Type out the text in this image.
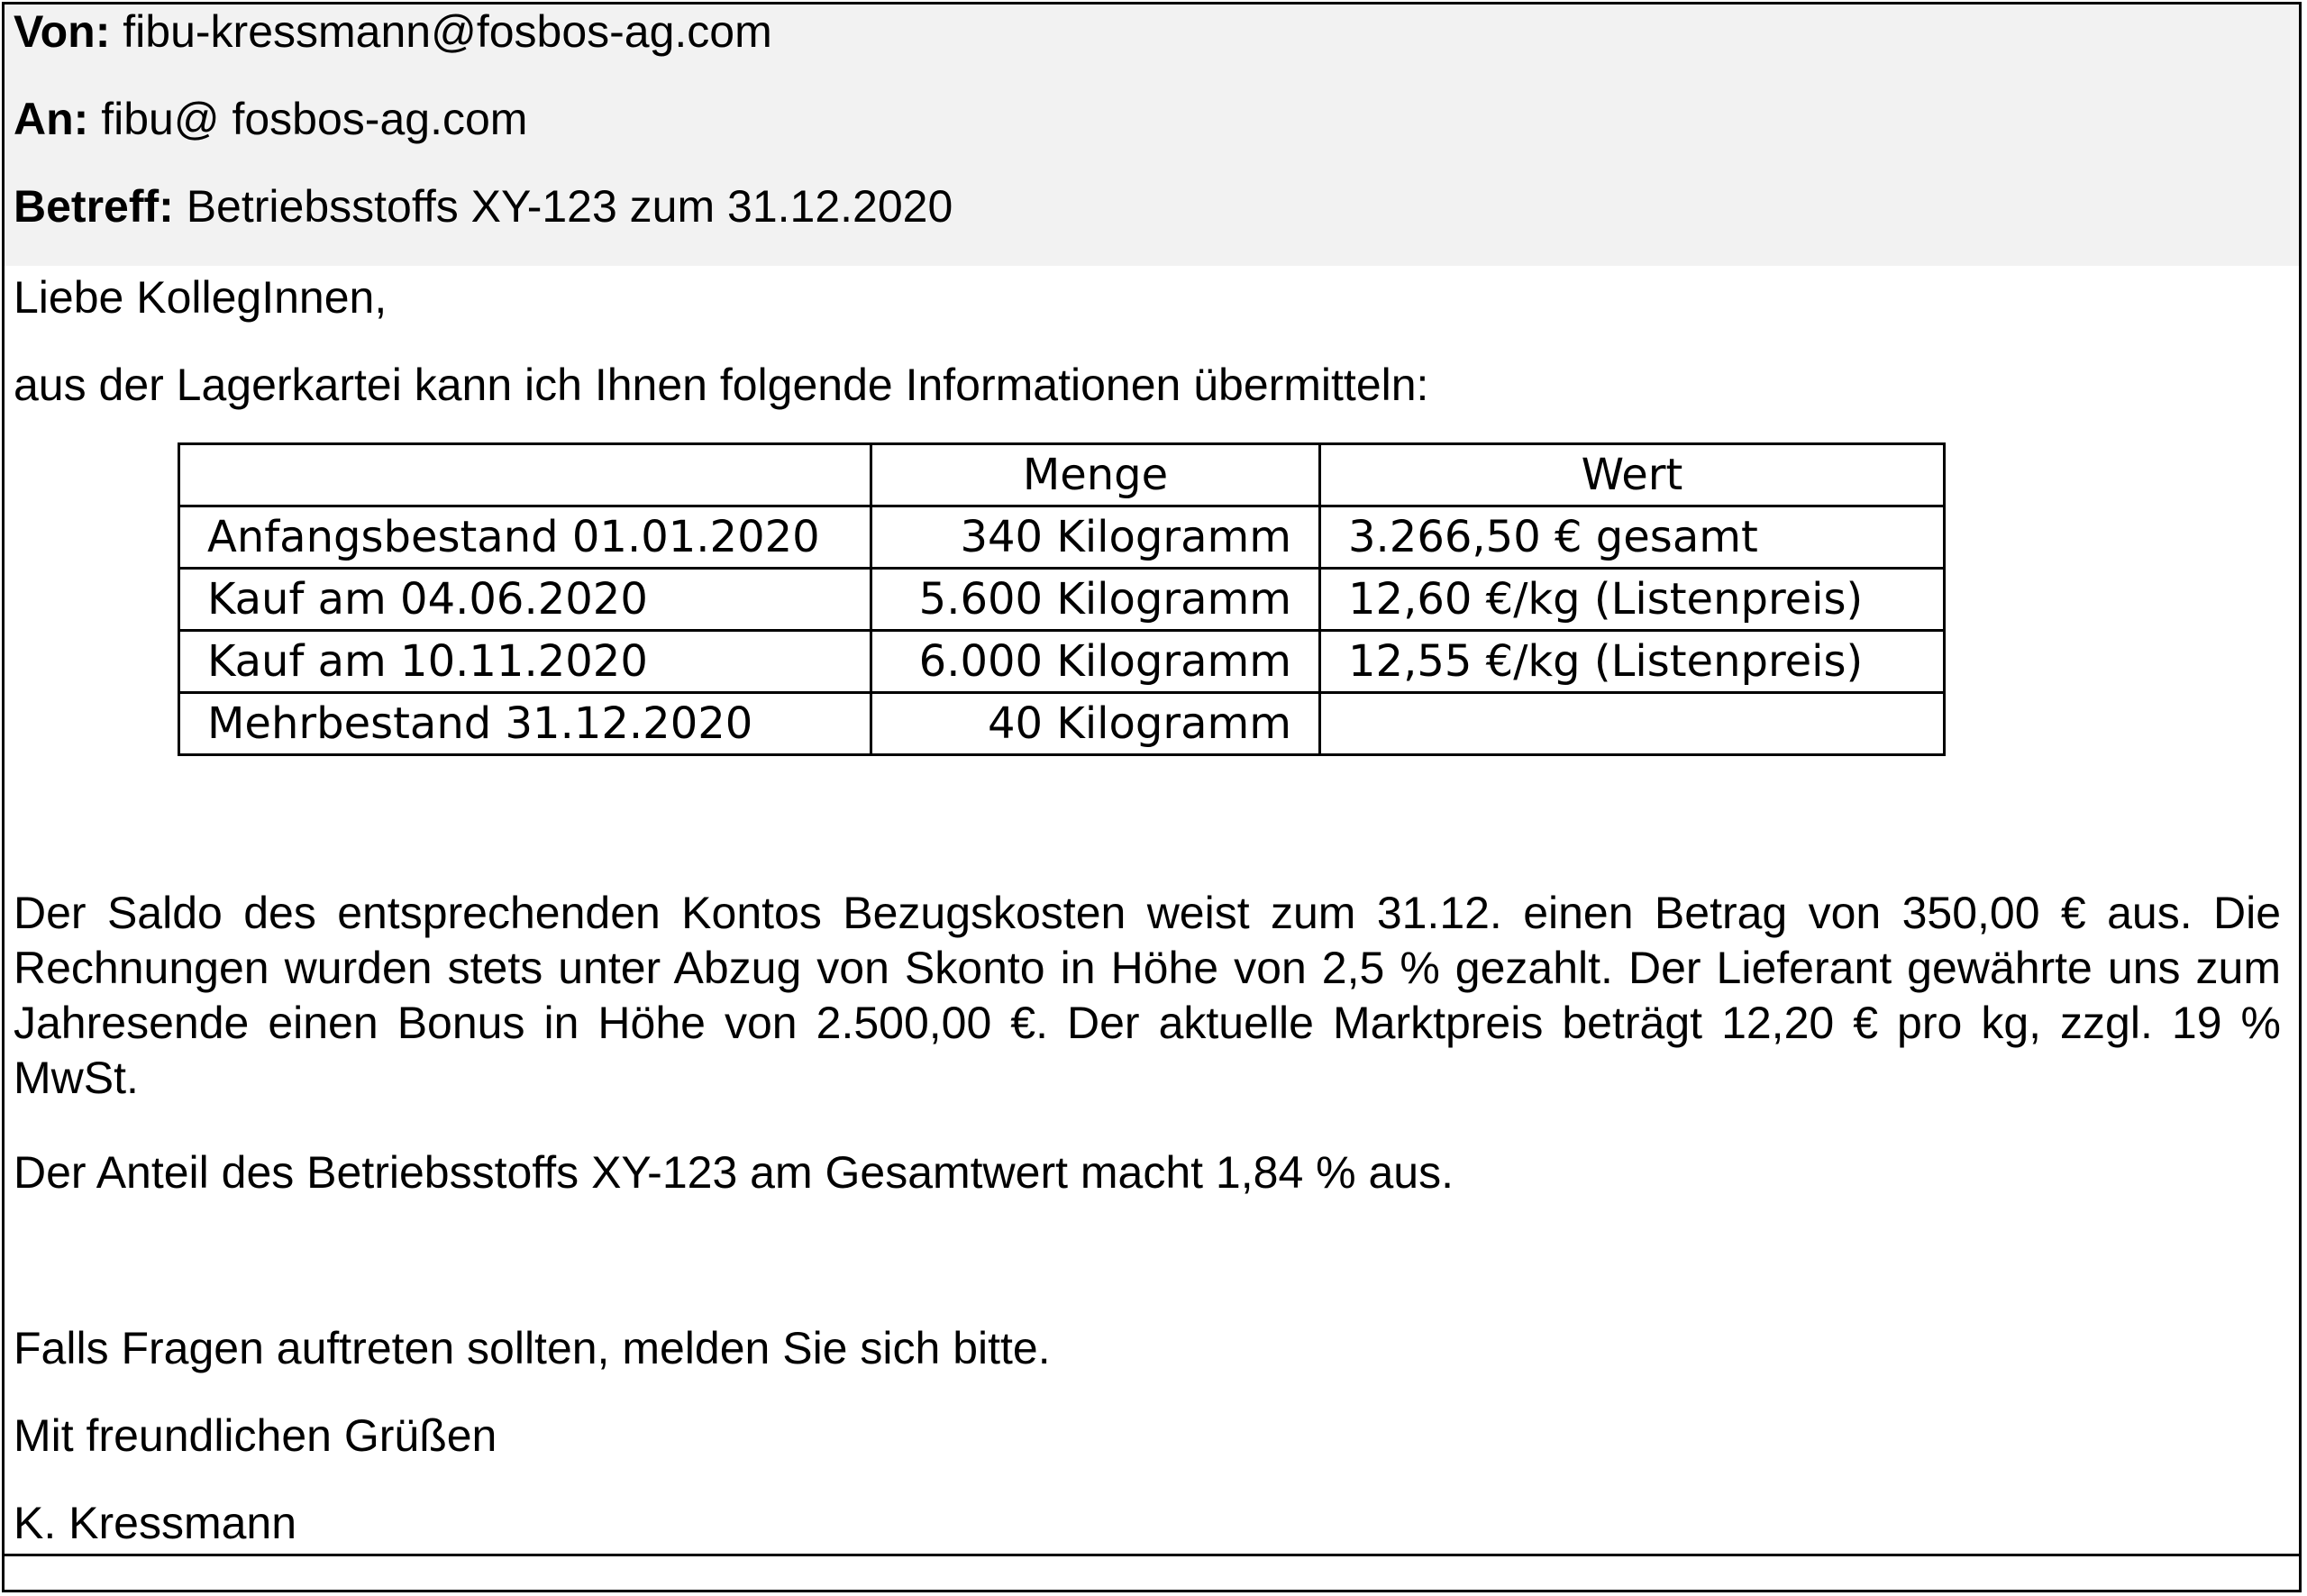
Von: fibu-kressmann@fosbos-ag.com
An: fibu@ fosbos-ag.com
Betreff: Betriebsstoffs XY-123 zum 31.12.2020
Liebe KollegInnen,
aus der Lagerkartei kann ich Ihnen folgende Informationen übermitteln:
	Menge	Wert
Anfangsbestand 01.01.2020	340 Kilogramm	3.266,50 € gesamt
Kauf am 04.06.2020	5.600 Kilogramm	12,60 €/kg (Listenpreis)
Kauf am 10.11.2020	6.000 Kilogramm	12,55 €/kg (Listenpreis)
Mehrbestand 31.12.2020	40 Kilogramm	
Der Saldo des entsprechenden Kontos Bezugskosten weist zum 31.12. einen Betrag von 350,00 € aus. Die Rechnungen wurden stets unter Abzug von Skonto in Höhe von 2,5 % gezahlt. Der Lieferant gewährte uns zum Jahresende einen Bonus in Höhe von 2.500,00 €. Der aktuelle Marktpreis beträgt 12,20 € pro kg, zzgl. 19 % MwSt.
Der Anteil des Betriebsstoffs XY-123 am Gesamtwert macht 1,84 % aus.
Falls Fragen auftreten sollten, melden Sie sich bitte.
Mit freundlichen Grüßen
K. Kressmann
